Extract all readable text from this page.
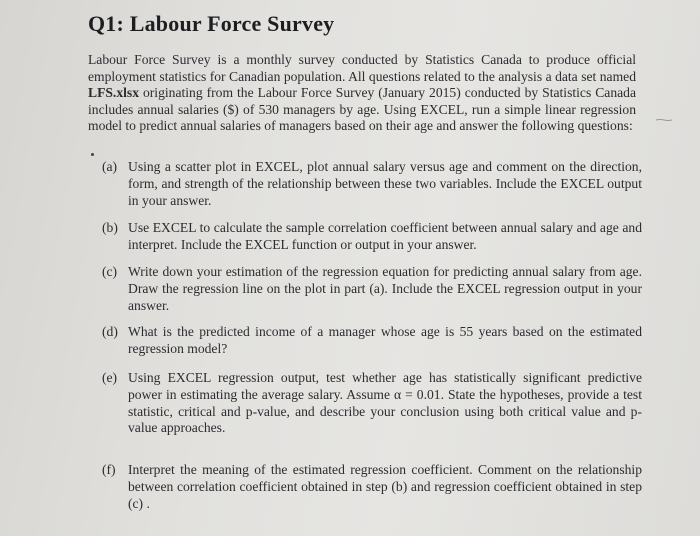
Q1: Labour Force Survey
Labour Force Survey is a monthly survey conducted by Statistics Canada to produce official employment statistics for Canadian population. All questions related to the analysis a data set named LFS.xlsx originating from the Labour Force Survey (January 2015) conducted by Statistics Canada includes annual salaries ($) of 530 managers by age. Using EXCEL, run a simple linear regression model to predict annual salaries of managers based on their age and answer the following questions:
(a) Using a scatter plot in EXCEL, plot annual salary versus age and comment on the direction, form, and strength of the relationship between these two variables. Include the EXCEL output in your answer.
(b) Use EXCEL to calculate the sample correlation coefficient between annual salary and age and interpret. Include the EXCEL function or output in your answer.
(c) Write down your estimation of the regression equation for predicting annual salary from age. Draw the regression line on the plot in part (a). Include the EXCEL regression output in your answer.
(d) What is the predicted income of a manager whose age is 55 years based on the estimated regression model?
(e) Using EXCEL regression output, test whether age has statistically significant predictive power in estimating the average salary. Assume α = 0.01. State the hypotheses, provide a test statistic, critical and p-value, and describe your conclusion using both critical value and p-value approaches.
(f) Interpret the meaning of the estimated regression coefficient. Comment on the relationship between correlation coefficient obtained in step (b) and regression coefficient obtained in step (c) .
